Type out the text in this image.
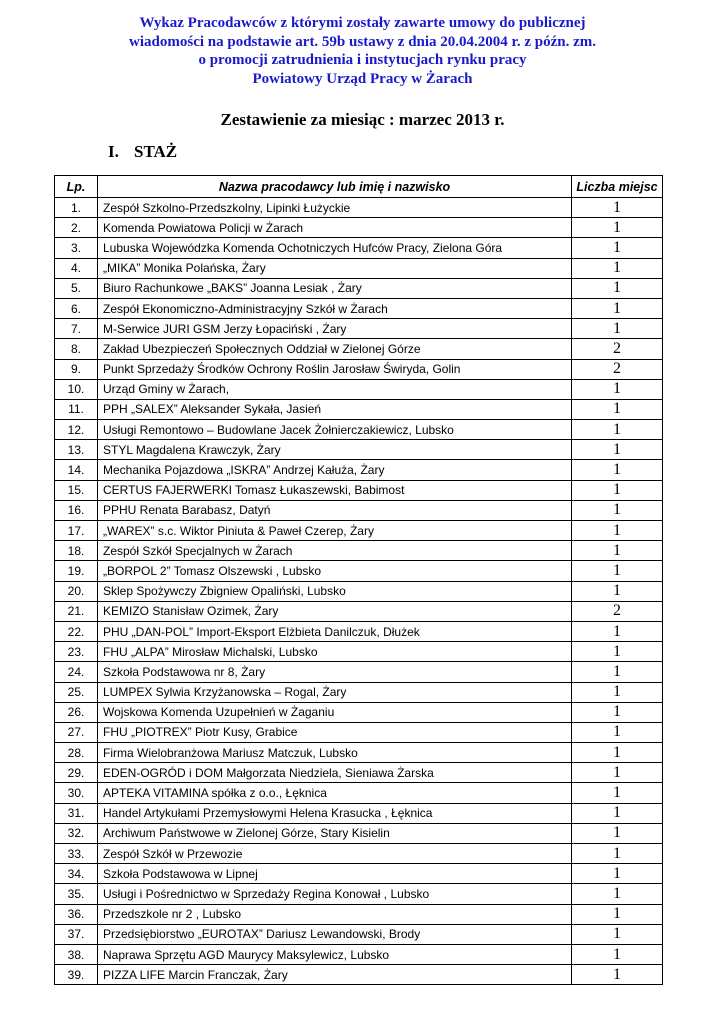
Wykaz Pracodawców z którymi zostały zawarte umowy do publicznej
wiadomości na podstawie art. 59b ustawy z dnia 20.04.2004 r. z późn. zm.
o promocji zatrudnienia i instytucjach rynku pracy
Powiatowy Urząd Pracy w Żarach
Zestawienie za miesiąc : marzec 2013 r.
I. STAŻ
Lp.	Nazwa pracodawcy lub imię i nazwisko	Liczba miejsc
1.	Zespół Szkolno-Przedszkolny, Lipinki Łużyckie	1
2.	Komenda Powiatowa Policji w Żarach	1
3.	Lubuska Wojewódzka Komenda Ochotniczych Hufców Pracy, Zielona Góra	1
4.	„MIKA” Monika Polańska, Żary	1
5.	Biuro Rachunkowe „BAKS” Joanna Lesiak , Żary	1
6.	Zespół Ekonomiczno-Administracyjny Szkół w Żarach	1
7.	M-Serwice JURI GSM Jerzy Łopaciński , Żary	1
8.	Zakład Ubezpieczeń Społecznych Oddział w Zielonej Górze	2
9.	Punkt Sprzedaży Środków Ochrony Roślin Jarosław Świryda, Golin	2
10.	Urząd Gminy w Żarach,	1
11.	PPH „SALEX” Aleksander Sykała, Jasień	1
12.	Usługi Remontowo – Budowlane Jacek Żołnierczakiewicz, Lubsko	1
13.	STYL Magdalena Krawczyk, Żary	1
14.	Mechanika Pojazdowa „ISKRA” Andrzej Kałuża, Żary	1
15.	CERTUS FAJERWERKI Tomasz Łukaszewski, Babimost	1
16.	PPHU Renata Barabasz, Datyń	1
17.	„WAREX” s.c. Wiktor Piniuta & Paweł Czerep, Żary	1
18.	Zespół Szkół Specjalnych w Żarach	1
19.	„BORPOL 2” Tomasz Olszewski , Lubsko	1
20.	Sklep Spożywczy Zbigniew Opaliński, Lubsko	1
21.	KEMIZO Stanisław Ozimek, Żary	2
22.	PHU „DAN-POL” Import-Eksport Elżbieta Danilczuk, Dłużek	1
23.	FHU „ALPA” Mirosław Michalski, Lubsko	1
24.	Szkoła Podstawowa nr 8, Żary	1
25.	LUMPEX Sylwia Krzyżanowska – Rogal, Żary	1
26.	Wojskowa Komenda Uzupełnień w Żaganiu	1
27.	FHU „PIOTREX” Piotr Kusy, Grabice	1
28.	Firma Wielobranżowa Mariusz Matczuk, Lubsko	1
29.	EDEN-OGRÓD i DOM Małgorzata Niedziela, Sieniawa Żarska	1
30.	APTEKA VITAMINA spółka z o.o., Łęknica	1
31.	Handel Artykułami Przemysłowymi Helena Krasucka , Łęknica	1
32.	Archiwum Państwowe w Zielonej Górze, Stary Kisielin	1
33.	Zespół Szkół w Przewozie	1
34.	Szkoła Podstawowa w Lipnej	1
35.	Usługi i Pośrednictwo w Sprzedaży Regina Konował , Lubsko	1
36.	Przedszkole nr 2 , Lubsko	1
37.	Przedsiębiorstwo „EUROTAX” Dariusz Lewandowski, Brody	1
38.	Naprawa Sprzętu AGD Maurycy Maksylewicz, Lubsko	1
39.	PIZZA LIFE Marcin Franczak, Żary	1
